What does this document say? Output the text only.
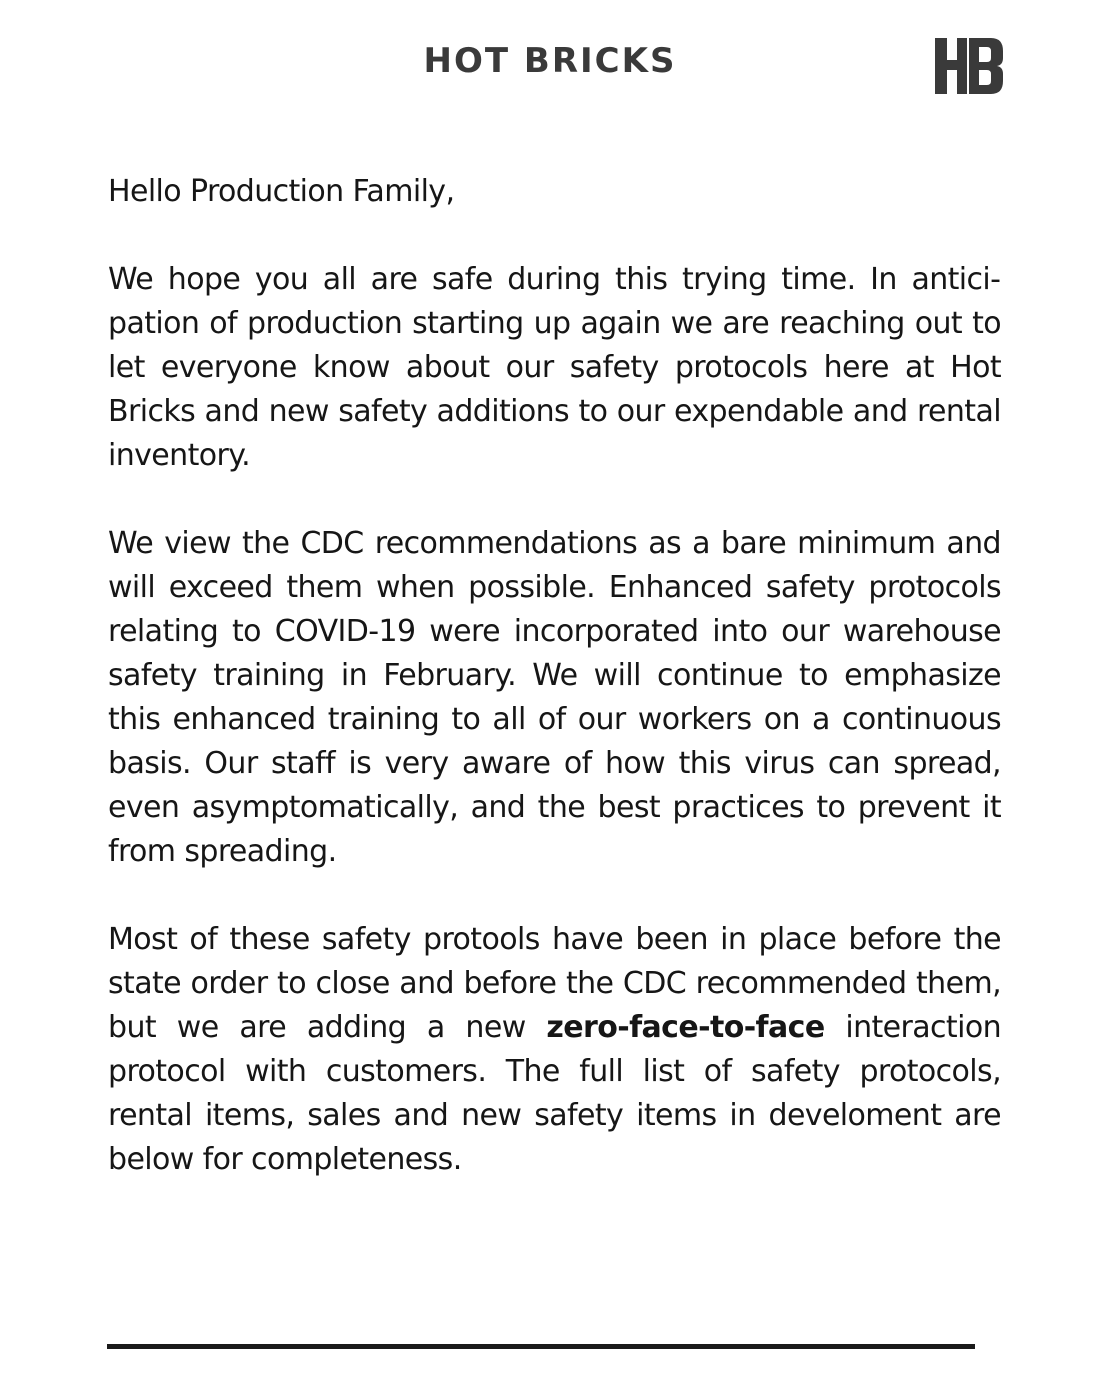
HOT BRICKS

Hello Production Family,

We hope you all are safe during this trying time. In anticipation of production starting up again we are reaching out to let everyone know about our safety protocols here at Hot Bricks and new safety additions to our expendable and rental inventory.

We view the CDC recommendations as a bare minimum and will exceed them when possible. Enhanced safety protocols relating to COVID-19 were incorporated into our warehouse safety training in February. We will continue to emphasize this enhanced training to all of our workers on a continuous basis. Our staff is very aware of how this virus can spread, even asymptomatically, and the best practices to prevent it from spreading.

Most of these safety protools have been in place before the state order to close and before the CDC recommended them, but we are adding a new zero-face-to-face interaction protocol with customers. The full list of safety protocols, rental items, sales and new safety items in develoment are below for completeness.
